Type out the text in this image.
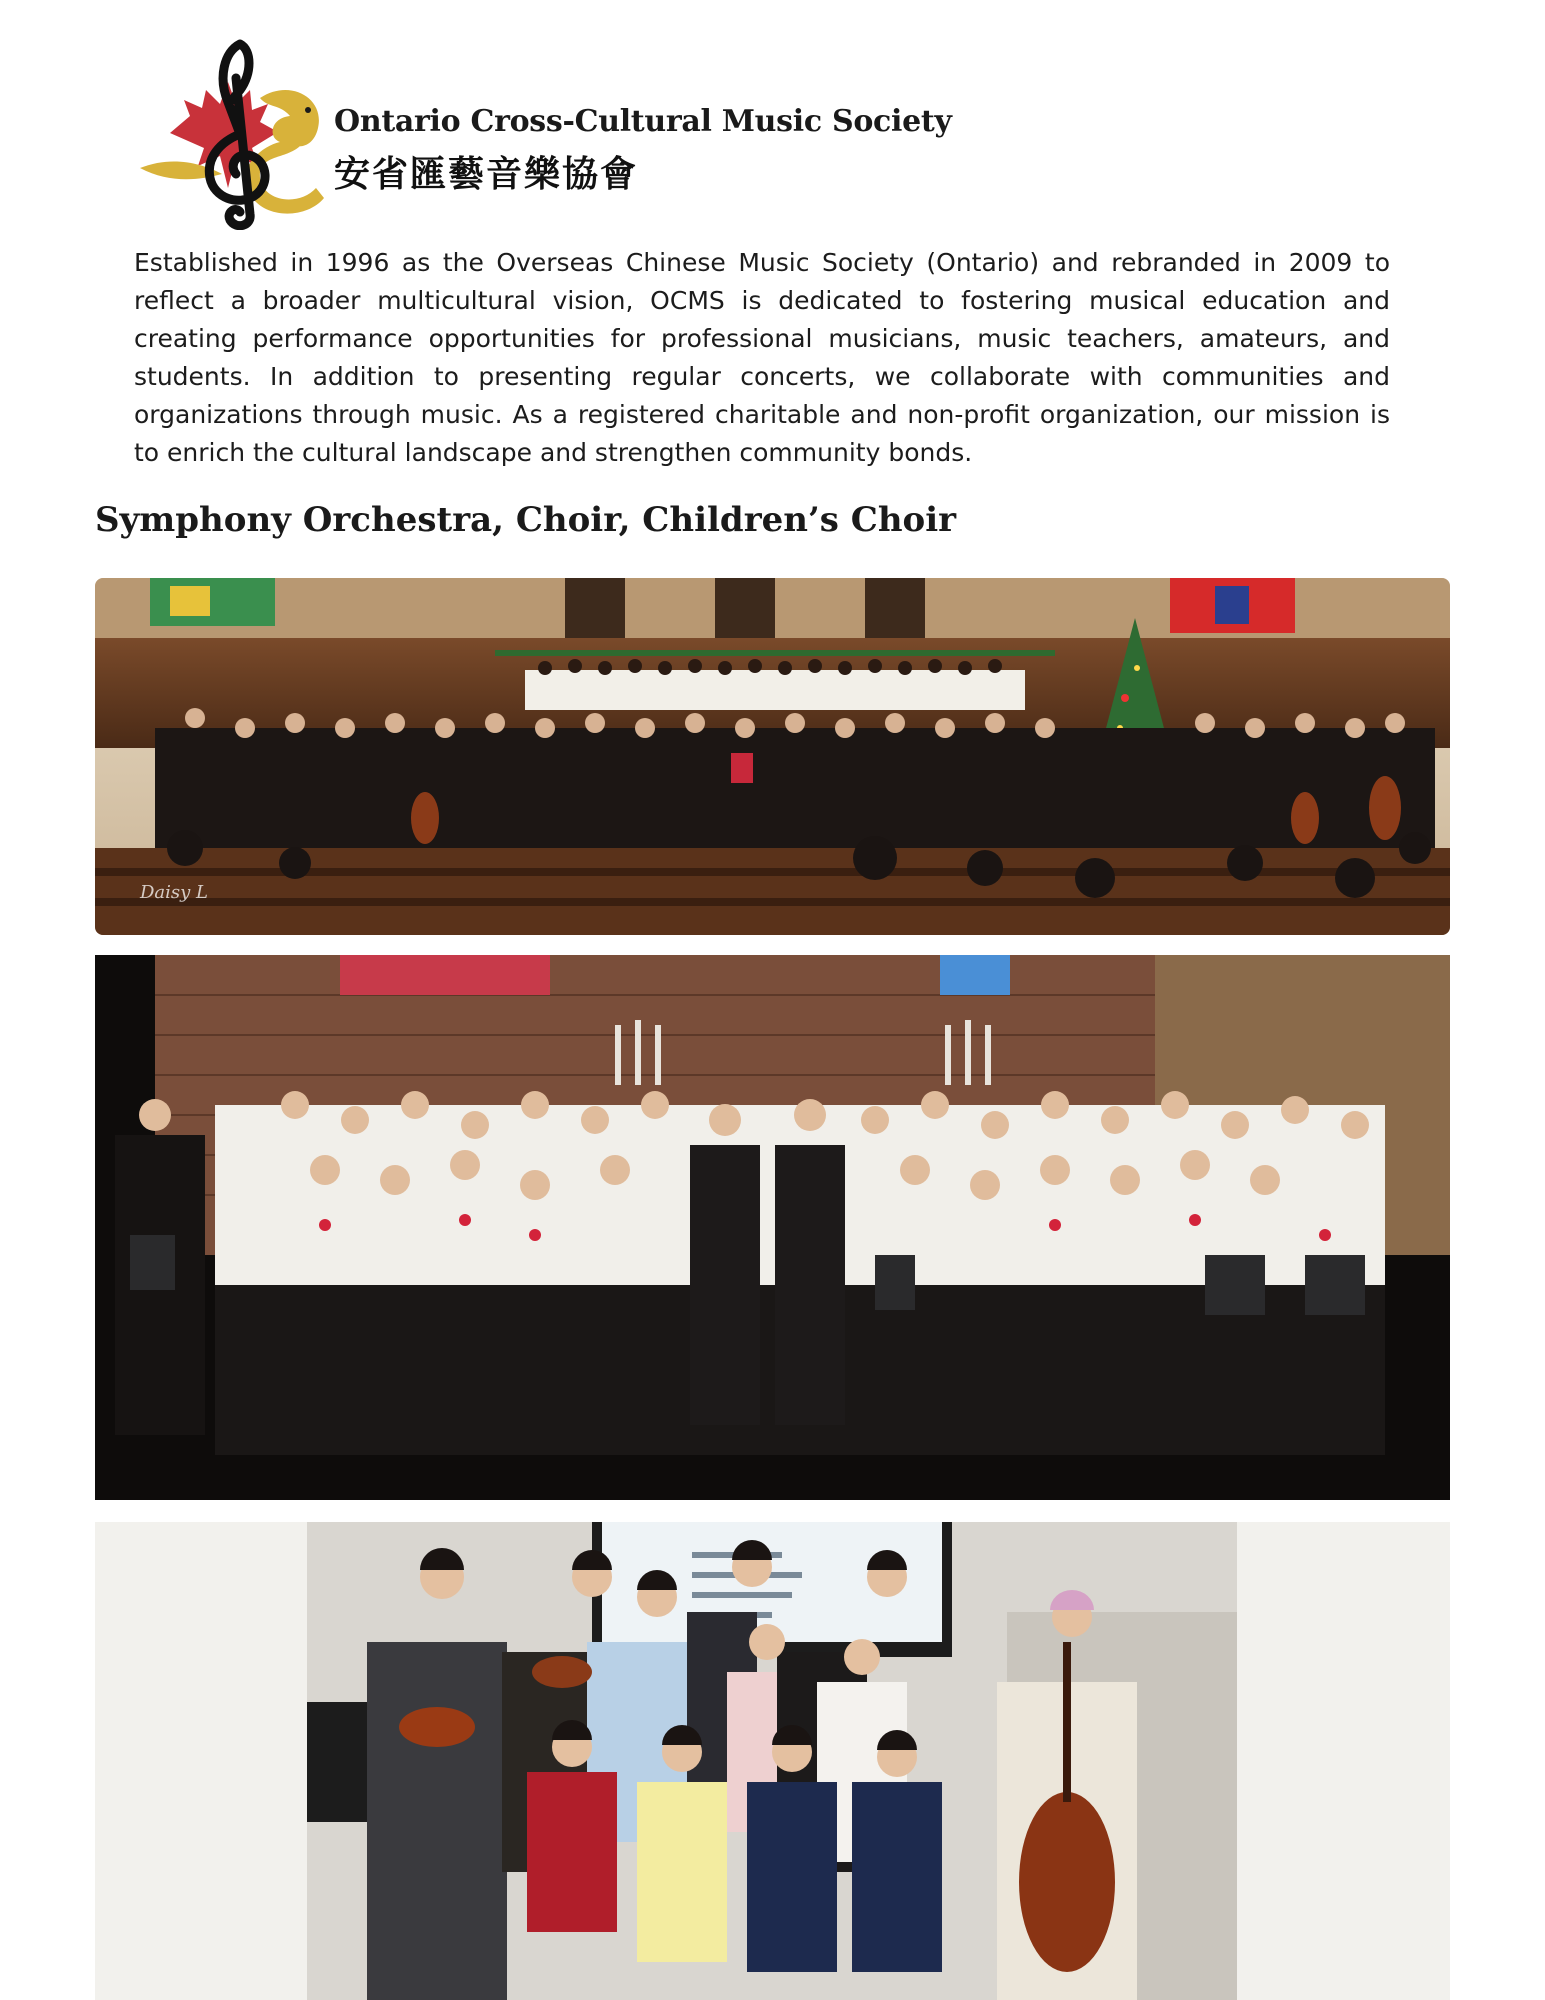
Ontario Cross-Cultural Music Society
安省匯藝音樂協會

Established in 1996 as the Overseas Chinese Music Society (Ontario) and rebranded in 2009 to reflect a broader multicultural vision, OCMS is dedicated to fostering musical education and creating performance opportunities for professional musicians, music teachers, amateurs, and students. In addition to presenting regular concerts, we collaborate with communities and organizations through music. As a registered charitable and non-profit organization, our mission is to enrich the cultural landscape and strengthen community bonds.

Symphony Orchestra, Choir, Children’s Choir
Daisy L
